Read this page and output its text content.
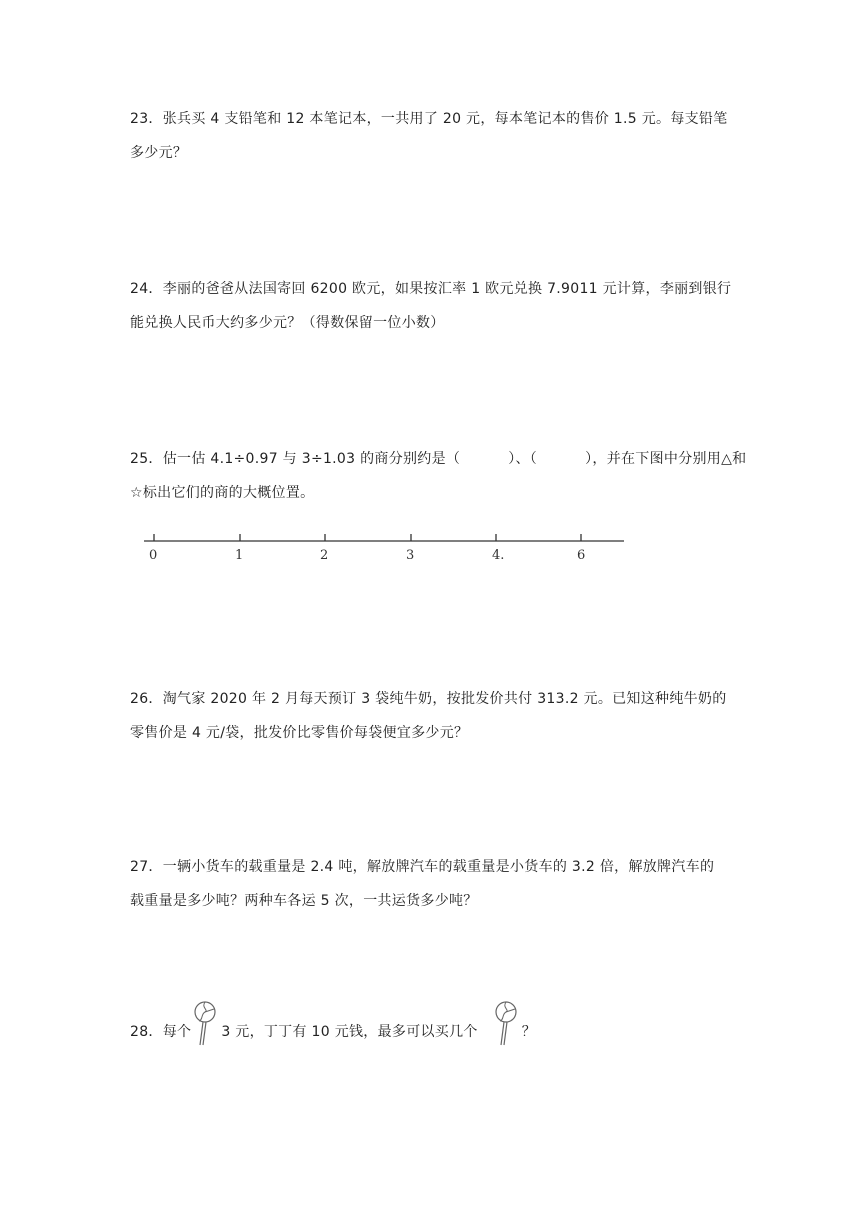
23．张兵买 4 支铅笔和 12 本笔记本，一共用了 20 元，每本笔记本的售价 1.5 元。每支铅笔
多少元？
24．李丽的爸爸从法国寄回 6200 欧元，如果按汇率 1 欧元兑换 7.9011 元计算，李丽到银行
能兑换人民币大约多少元？（得数保留一位小数）
25．估一估 4.1÷0.97 与 3÷1.03 的商分别约是（	）、（	），并在下图中分别用△和
☆标出它们的商的大概位置。
0	1	2	3	4.	6
26．淘气家 2020 年 2 月每天预订 3 袋纯牛奶，按批发价共付 313.2 元。已知这种纯牛奶的
零售价是 4 元/袋，批发价比零售价每袋便宜多少元？
27．一辆小货车的载重量是 2.4 吨，解放牌汽车的载重量是小货车的 3.2 倍，解放牌汽车的
载重量是多少吨？两种车各运 5 次，一共运货多少吨？
28．每个 3 元，丁丁有 10 元钱，最多可以买几个	？
